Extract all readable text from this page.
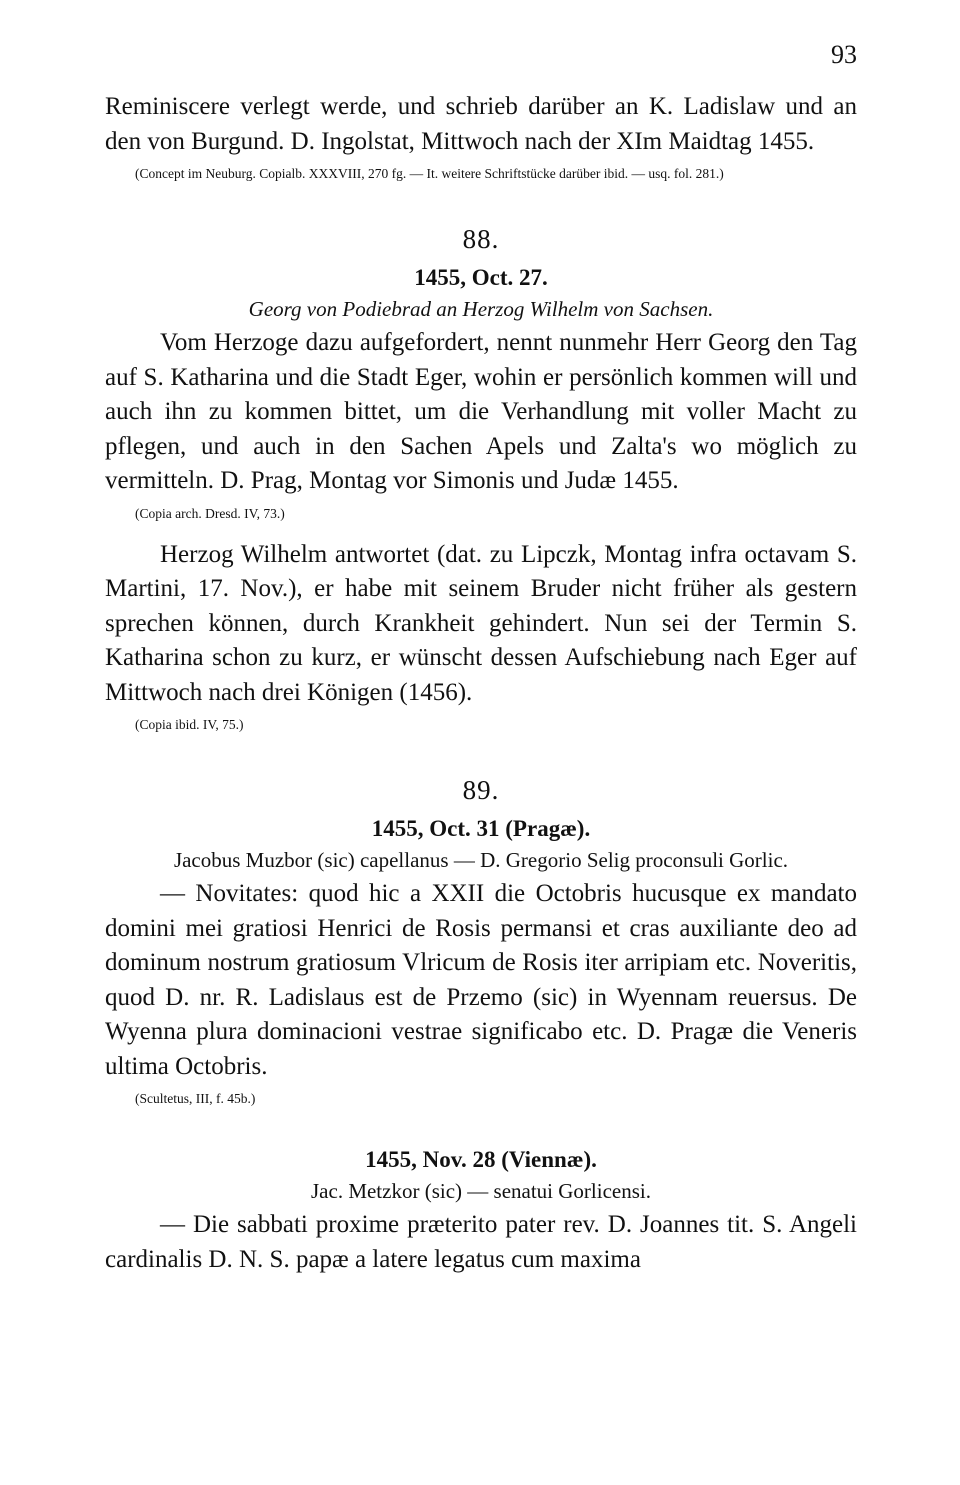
93

Reminiscere verlegt werde, und schrieb darüber an K. Ladislaw und an den von Burgund. D. Ingolstat, Mittwoch nach der XIm Maidtag 1455.

(Concept im Neuburg. Copialb. XXXVIII, 270 fg. — It. weitere Schriftstücke darüber ibid. — usq. fol. 281.)

88.

1455, Oct. 27.

Georg von Podiebrad an Herzog Wilhelm von Sachsen.

Vom Herzoge dazu aufgefordert, nennt nunmehr Herr Georg den Tag auf S. Katharina und die Stadt Eger, wohin er persönlich kommen will und auch ihn zu kommen bittet, um die Verhandlung mit voller Macht zu pflegen, und auch in den Sachen Apels und Zalta's wo möglich zu vermitteln. D. Prag, Montag vor Simonis und Judæ 1455.

(Copia arch. Dresd. IV, 73.)

Herzog Wilhelm antwortet (dat. zu Lipczk, Montag infra octavam S. Martini, 17. Nov.), er habe mit seinem Bruder nicht früher als gestern sprechen können, durch Krankheit gehindert. Nun sei der Termin S. Katharina schon zu kurz, er wünscht dessen Aufschiebung nach Eger auf Mittwoch nach drei Königen (1456).

(Copia ibid. IV, 75.)

89.

1455, Oct. 31 (Pragæ).

Jacobus Muzbor (sic) capellanus — D. Gregorio Selig proconsuli Gorlic.

— Novitates: quod hic a XXII die Octobris hucusque ex mandato domini mei gratiosi Henrici de Rosis permansi et cras auxiliante deo ad dominum nostrum gratiosum Vlricum de Rosis iter arripiam etc. Noveritis, quod D. nr. R. Ladislaus est de Przemo (sic) in Wyennam reuersus. De Wyenna plura dominacioni vestrae significabo etc. D. Pragæ die Veneris ultima Octobris.

(Scultetus, III, f. 45b.)

1455, Nov. 28 (Viennæ).

Jac. Metzkor (sic) — senatui Gorlicensi.

— Die sabbati proxime præterito pater rev. D. Joannes tit. S. Angeli cardinalis D. N. S. papæ a latere legatus cum maxima
